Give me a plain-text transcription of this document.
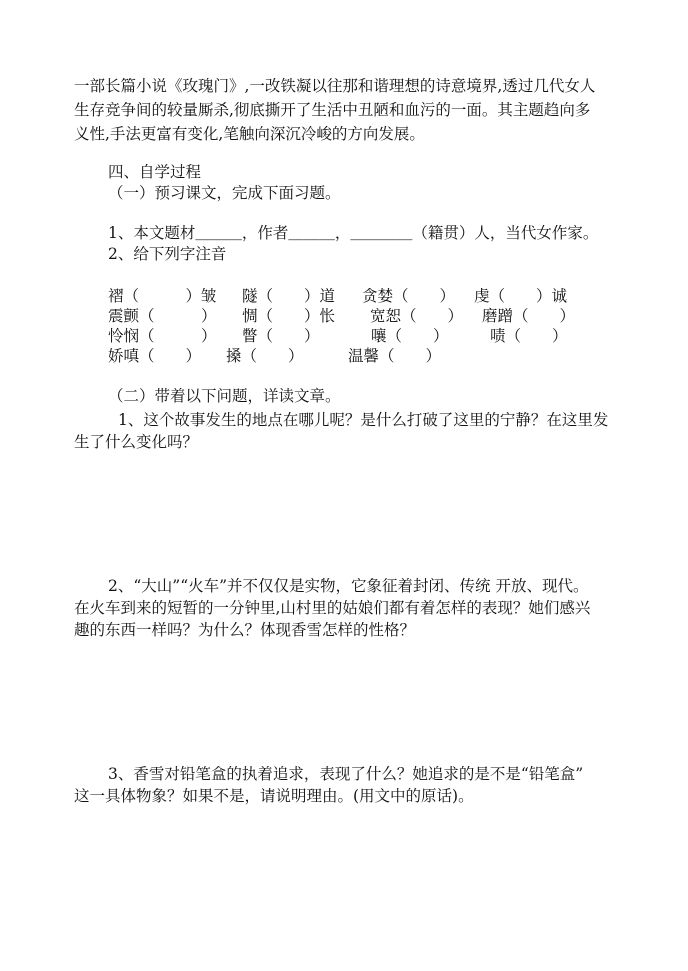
一部长篇小说《玫瑰门》,一改铁凝以往那和谐理想的诗意境界,透过几代女人
生存竞争间的较量厮杀,彻底撕开了生活中丑陋和血污的一面。其主题趋向多
义性,手法更富有变化,笔触向深沉冷峻的方向发展。
四、自学过程
（一）预习课文，完成下面习题。
1、本文题材＿＿＿，作者＿＿＿，＿＿＿＿（籍贯）人，当代女作家。
2、给下列字注音
褶（　　　）皱 隧（　　）道 贪婪（　　） 虔（　　）诚
震颤（　　　） 惆（　　）怅 宽恕（　　） 磨蹭（　　）
怜悯（　　　） 瞥（　　）	嚷（　　）	啧（　　）
娇嗔（　　） 搡（　　）	温馨（　　）
（二）带着以下问题，详读文章。
1、这个故事发生的地点在哪儿呢？是什么打破了这里的宁静？在这里发
生了什么变化吗？
2、“大山”“火车”并不仅仅是实物，它象征着封闭、传统 开放、现代。
在火车到来的短暂的一分钟里,山村里的姑娘们都有着怎样的表现？她们感兴
趣的东西一样吗？为什么？体现香雪怎样的性格？
3、香雪对铅笔盒的执着追求，表现了什么？她追求的是不是“铅笔盒”
这一具体物象？如果不是，请说明理由。(用文中的原话)。
